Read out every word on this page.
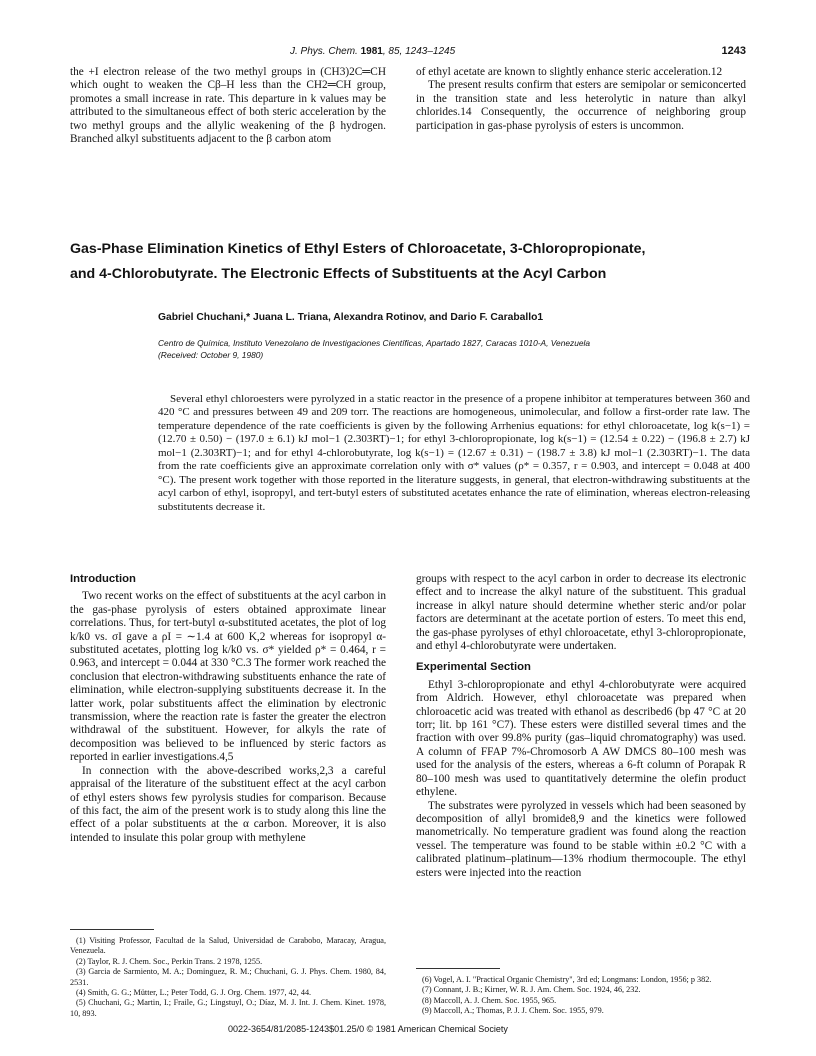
J. Phys. Chem. 1981, 85, 1243–1245	1243

the +I electron release of the two methyl groups in (CH3)2C═CH which ought to weaken the Cβ–H less than the CH2═CH group, promotes a small increase in rate. This departure in k values may be attributed to the simultaneous effect of both steric acceleration by the two methyl groups and the allylic weakening of the β hydrogen. Branched alkyl substituents adjacent to the β carbon atom

of ethyl acetate are known to slightly enhance steric acceleration.12

The present results confirm that esters are semipolar or semiconcerted in the transition state and less heterolytic in nature than alkyl chlorides.14 Consequently, the occurrence of neighboring group participation in gas-phase pyrolysis of esters is uncommon.

Gas-Phase Elimination Kinetics of Ethyl Esters of Chloroacetate, 3-Chloropropionate,
and 4-Chlorobutyrate. The Electronic Effects of Substituents at the Acyl Carbon
Gabriel Chuchani,* Juana L. Triana, Alexandra Rotinov, and Dario F. Caraballo1
Centro de Química, Instituto Venezolano de Investigaciones Científicas, Apartado 1827, Caracas 1010-A, Venezuela
(Received: October 9, 1980)

Several ethyl chloroesters were pyrolyzed in a static reactor in the presence of a propene inhibitor at temperatures between 360 and 420 °C and pressures between 49 and 209 torr. The reactions are homogeneous, unimolecular, and follow a first-order rate law. The temperature dependence of the rate coefficients is given by the following Arrhenius equations: for ethyl chloroacetate, log k(s−1) = (12.70 ± 0.50) − (197.0 ± 6.1) kJ mol−1 (2.303RT)−1; for ethyl 3-chloropropionate, log k(s−1) = (12.54 ± 0.22) − (196.8 ± 2.7) kJ mol−1 (2.303RT)−1; and for ethyl 4-chlorobutyrate, log k(s−1) = (12.67 ± 0.31) − (198.7 ± 3.8) kJ mol−1 (2.303RT)−1. The data from the rate coefficients give an approximate correlation only with σ* values (ρ* = 0.357, r = 0.903, and intercept = 0.048 at 400 °C). The present work together with those reported in the literature suggests, in general, that electron-withdrawing substituents at the acyl carbon of ethyl, isopropyl, and tert-butyl esters of substituted acetates enhance the rate of elimination, whereas electron-releasing substitutents decrease it.

Introduction

Two recent works on the effect of substituents at the acyl carbon in the gas-phase pyrolysis of esters obtained approximate linear correlations. Thus, for tert-butyl α-substituted acetates, the plot of log k/k0 vs. σI gave a ρI = ∼1.4 at 600 K,2 whereas for isopropyl α-substituted acetates, plotting log k/k0 vs. σ* yielded ρ* = 0.464, r = 0.963, and intercept = 0.044 at 330 °C.3 The former work reached the conclusion that electron-withdrawing substituents enhance the rate of elimination, while electron-supplying substituents decrease it. In the latter work, polar substituents affect the elimination by electronic transmission, where the reaction rate is faster the greater the electron withdrawal of the substituent. However, for alkyls the rate of decomposition was believed to be influenced by steric factors as reported in earlier investigations.4,5

In connection with the above-described works,2,3 a careful appraisal of the literature of the substituent effect at the acyl carbon of ethyl esters shows few pyrolysis studies for comparison. Because of this fact, the aim of the present work is to study along this line the effect of a polar substituents at the α carbon. Moreover, it is also intended to insulate this polar group with methylene

groups with respect to the acyl carbon in order to decrease its electronic effect and to increase the alkyl nature of the substituent. This gradual increase in alkyl nature should determine whether steric and/or polar factors are determinant at the acetate portion of esters. To meet this end, the gas-phase pyrolyses of ethyl chloroacetate, ethyl 3-chloropropionate, and ethyl 4-chlorobutyrate were undertaken.

Experimental Section

Ethyl 3-chloropropionate and ethyl 4-chlorobutyrate were acquired from Aldrich. However, ethyl chloroacetate was prepared when chloroacetic acid was treated with ethanol as described6 (bp 47 °C at 20 torr; lit. bp 161 °C7). These esters were distilled several times and the fraction with over 99.8% purity (gas–liquid chromatography) was used. A column of FFAP 7%-Chromosorb A AW DMCS 80–100 mesh was used for the analysis of the esters, whereas a 6-ft column of Porapak R 80–100 mesh was used to quantitatively determine the olefin product ethylene.

The substrates were pyrolyzed in vessels which had been seasoned by decomposition of allyl bromide8,9 and the kinetics were followed manometrically. No temperature gradient was found along the reaction vessel. The temperature was found to be stable within ±0.2 °C with a calibrated platinum–platinum—13% rhodium thermocouple. The ethyl esters were injected into the reaction

(1) Visiting Professor, Facultad de la Salud, Universidad de Carabobo, Maracay, Aragua, Venezuela.

(2) Taylor, R. J. Chem. Soc., Perkin Trans. 2 1978, 1255.

(3) Garcia de Sarmiento, M. A.; Dominguez, R. M.; Chuchani, G. J. Phys. Chem. 1980, 84, 2531.

(4) Smith, G. G.; Mütter, L.; Peter Todd, G. J. Org. Chem. 1977, 42, 44.

(5) Chuchani, G.; Martin, I.; Fraile, G.; Lingstuyl, O.; Díaz, M. J. Int. J. Chem. Kinet. 1978, 10, 893.

(6) Vogel, A. I. "Practical Organic Chemistry", 3rd ed; Longmans: London, 1956; p 382.

(7) Connant, J. B.; Kirner, W. R. J. Am. Chem. Soc. 1924, 46, 232.

(8) Maccoll, A. J. Chem. Soc. 1955, 965.

(9) Maccoll, A.; Thomas, P. J. J. Chem. Soc. 1955, 979.

0022-3654/81/2085-1243$01.25/0 © 1981 American Chemical Society
